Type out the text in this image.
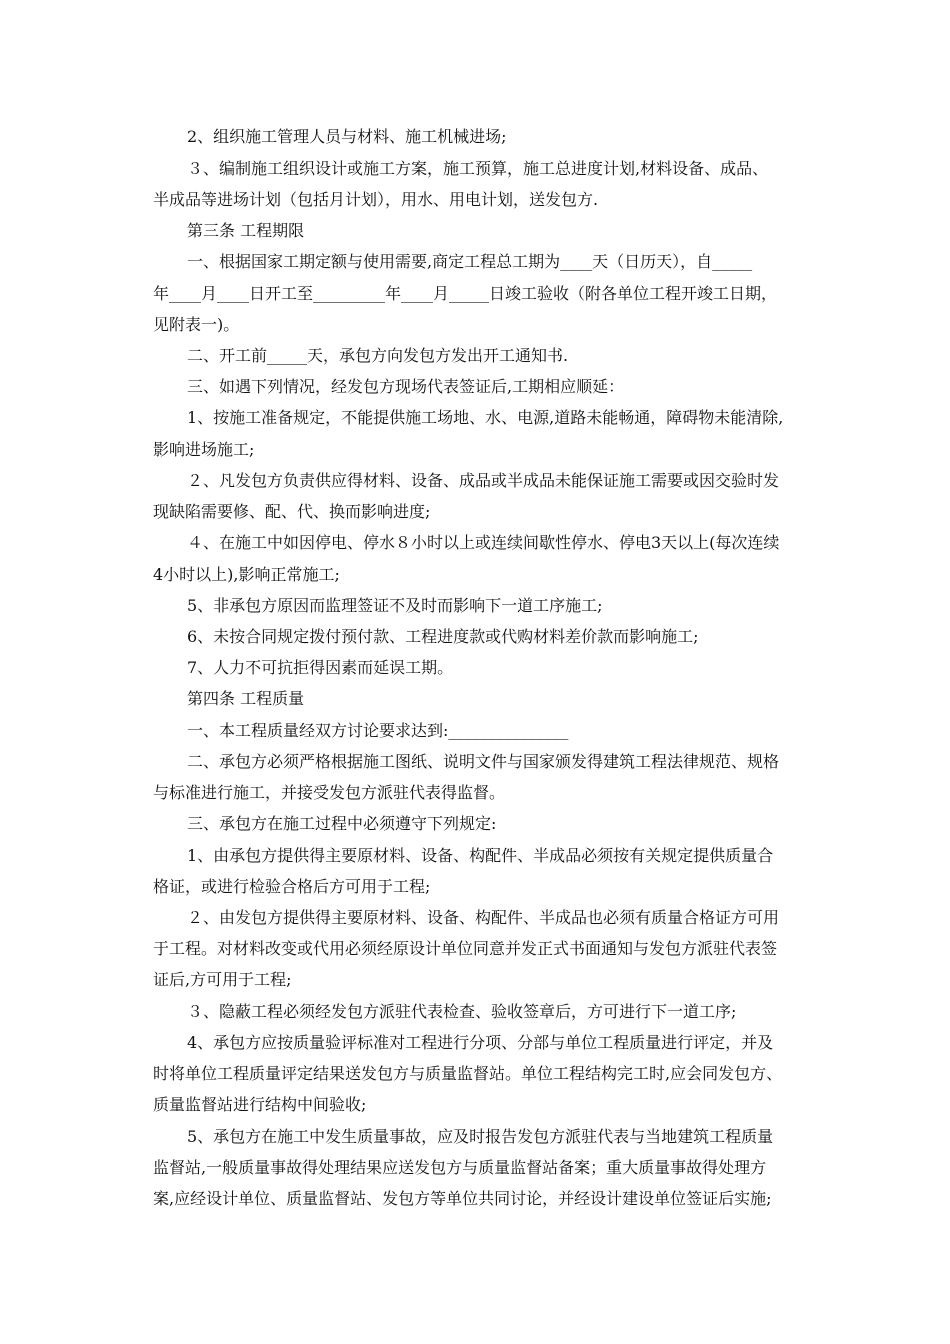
2、组织施工管理人员与材料、施工机械进场;
３、编制施工组织设计或施工方案，施工预算，施工总进度计划,材料设备、成品、
半成品等进场计划（包括月计划），用水、用电计划，送发包方.
第三条 工程期限
一、根据国家工期定额与使用需要,商定工程总工期为____天（日历天），自_____
年____月____日开工至_________年____月_____日竣工验收（附各单位工程开竣工日期，
见附表一)。
二、开工前_____天，承包方向发包方发出开工通知书.
三、如遇下列情况，经发包方现场代表签证后,工期相应顺延：
1、按施工准备规定，不能提供施工场地、水、电源,道路未能畅通，障碍物未能清除,
影响进场施工;
２、凡发包方负责供应得材料、设备、成品或半成品未能保证施工需要或因交验时发
现缺陷需要修、配、代、换而影响进度;
４、在施工中如因停电、停水８小时以上或连续间歇性停水、停电3天以上(每次连续
4小时以上),影响正常施工;
5、非承包方原因而监理签证不及时而影响下一道工序施工;
6、未按合同规定拨付预付款、工程进度款或代购材料差价款而影响施工;
7、人力不可抗拒得因素而延误工期。
第四条 工程质量
一、本工程质量经双方讨论要求达到:_______________
二、承包方必须严格根据施工图纸、说明文件与国家颁发得建筑工程法律规范、规格
与标准进行施工，并接受发包方派驻代表得监督。
三、承包方在施工过程中必须遵守下列规定:
1、由承包方提供得主要原材料、设备、构配件、半成品必须按有关规定提供质量合
格证，或进行检验合格后方可用于工程;
２、由发包方提供得主要原材料、设备、构配件、半成品也必须有质量合格证方可用
于工程。对材料改变或代用必须经原设计单位同意并发正式书面通知与发包方派驻代表签
证后,方可用于工程;
３、隐蔽工程必须经发包方派驻代表检查、验收签章后，方可进行下一道工序;
4、承包方应按质量验评标准对工程进行分项、分部与单位工程质量进行评定，并及
时将单位工程质量评定结果送发包方与质量监督站。单位工程结构完工时,应会同发包方、
质量监督站进行结构中间验收;
5、承包方在施工中发生质量事故，应及时报告发包方派驻代表与当地建筑工程质量
监督站,一般质量事故得处理结果应送发包方与质量监督站备案；重大质量事故得处理方
案,应经设计单位、质量监督站、发包方等单位共同讨论，并经设计建设单位签证后实施;
